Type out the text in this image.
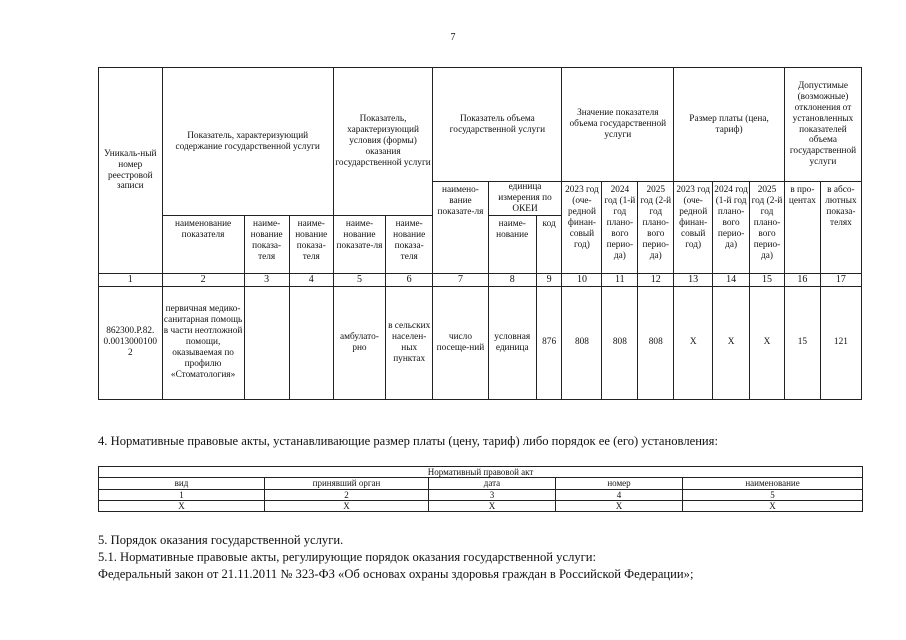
7
Уникаль-ный номер реестровой записи	Показатель, характеризующий содержание государственной услуги			Показатель, характеризующий условия (формы) оказания государственной услуги		Показатель объема государственной услуги			Значение показателя объема государственной услуги			Размер платы (цена, тариф)			Допустимые (возможные) отклонения от установленных показателей объема государственной услуги	
						наимено-вание показате-ля	единица измерения по ОКЕИ		2023 год (оче-редной финан-совый год)	2024 год (1-й год плано-вого перио-да)	2025 год (2-й год плано-вого перио-да)	2023 год (оче-редной финан-совый год)	2024 год (1-й год плано-вого перио-да)	2025 год (2-й год плано-вого перио-да)	в про-центах	в абсо-лютных показа-телях
	наименование показателя	наиме-нование показа-теля	наиме-нование показа-теля	наиме-нование показате-ля	наиме-нование показа-теля		наиме-нование	код								
1	2	3	4	5	6	7	8	9	10	11	12	13	14	15	16	17
862300.Р.82.0.00130001002	первичная медико-санитарная помощь в части неотложной помощи, оказываемая по профилю «Стоматология»			амбулато-рно	в сельских населен-ных пунктах	число посеще-ний	условная единица	876	808	808	808	X	X	X	15	121
4. Нормативные правовые акты, устанавливающие размер платы (цену, тариф) либо порядок ее (его) установления:
Нормативный правовой акт				
вид	принявший орган	дата	номер	наименование
1	2	3	4	5
X	X	X	X	X
5. Порядок оказания государственной услуги.
5.1. Нормативные правовые акты, регулирующие порядок оказания государственной услуги:
Федеральный закон от 21.11.2011 № 323-ФЗ «Об основах охраны здоровья граждан в Российской Федерации»;
